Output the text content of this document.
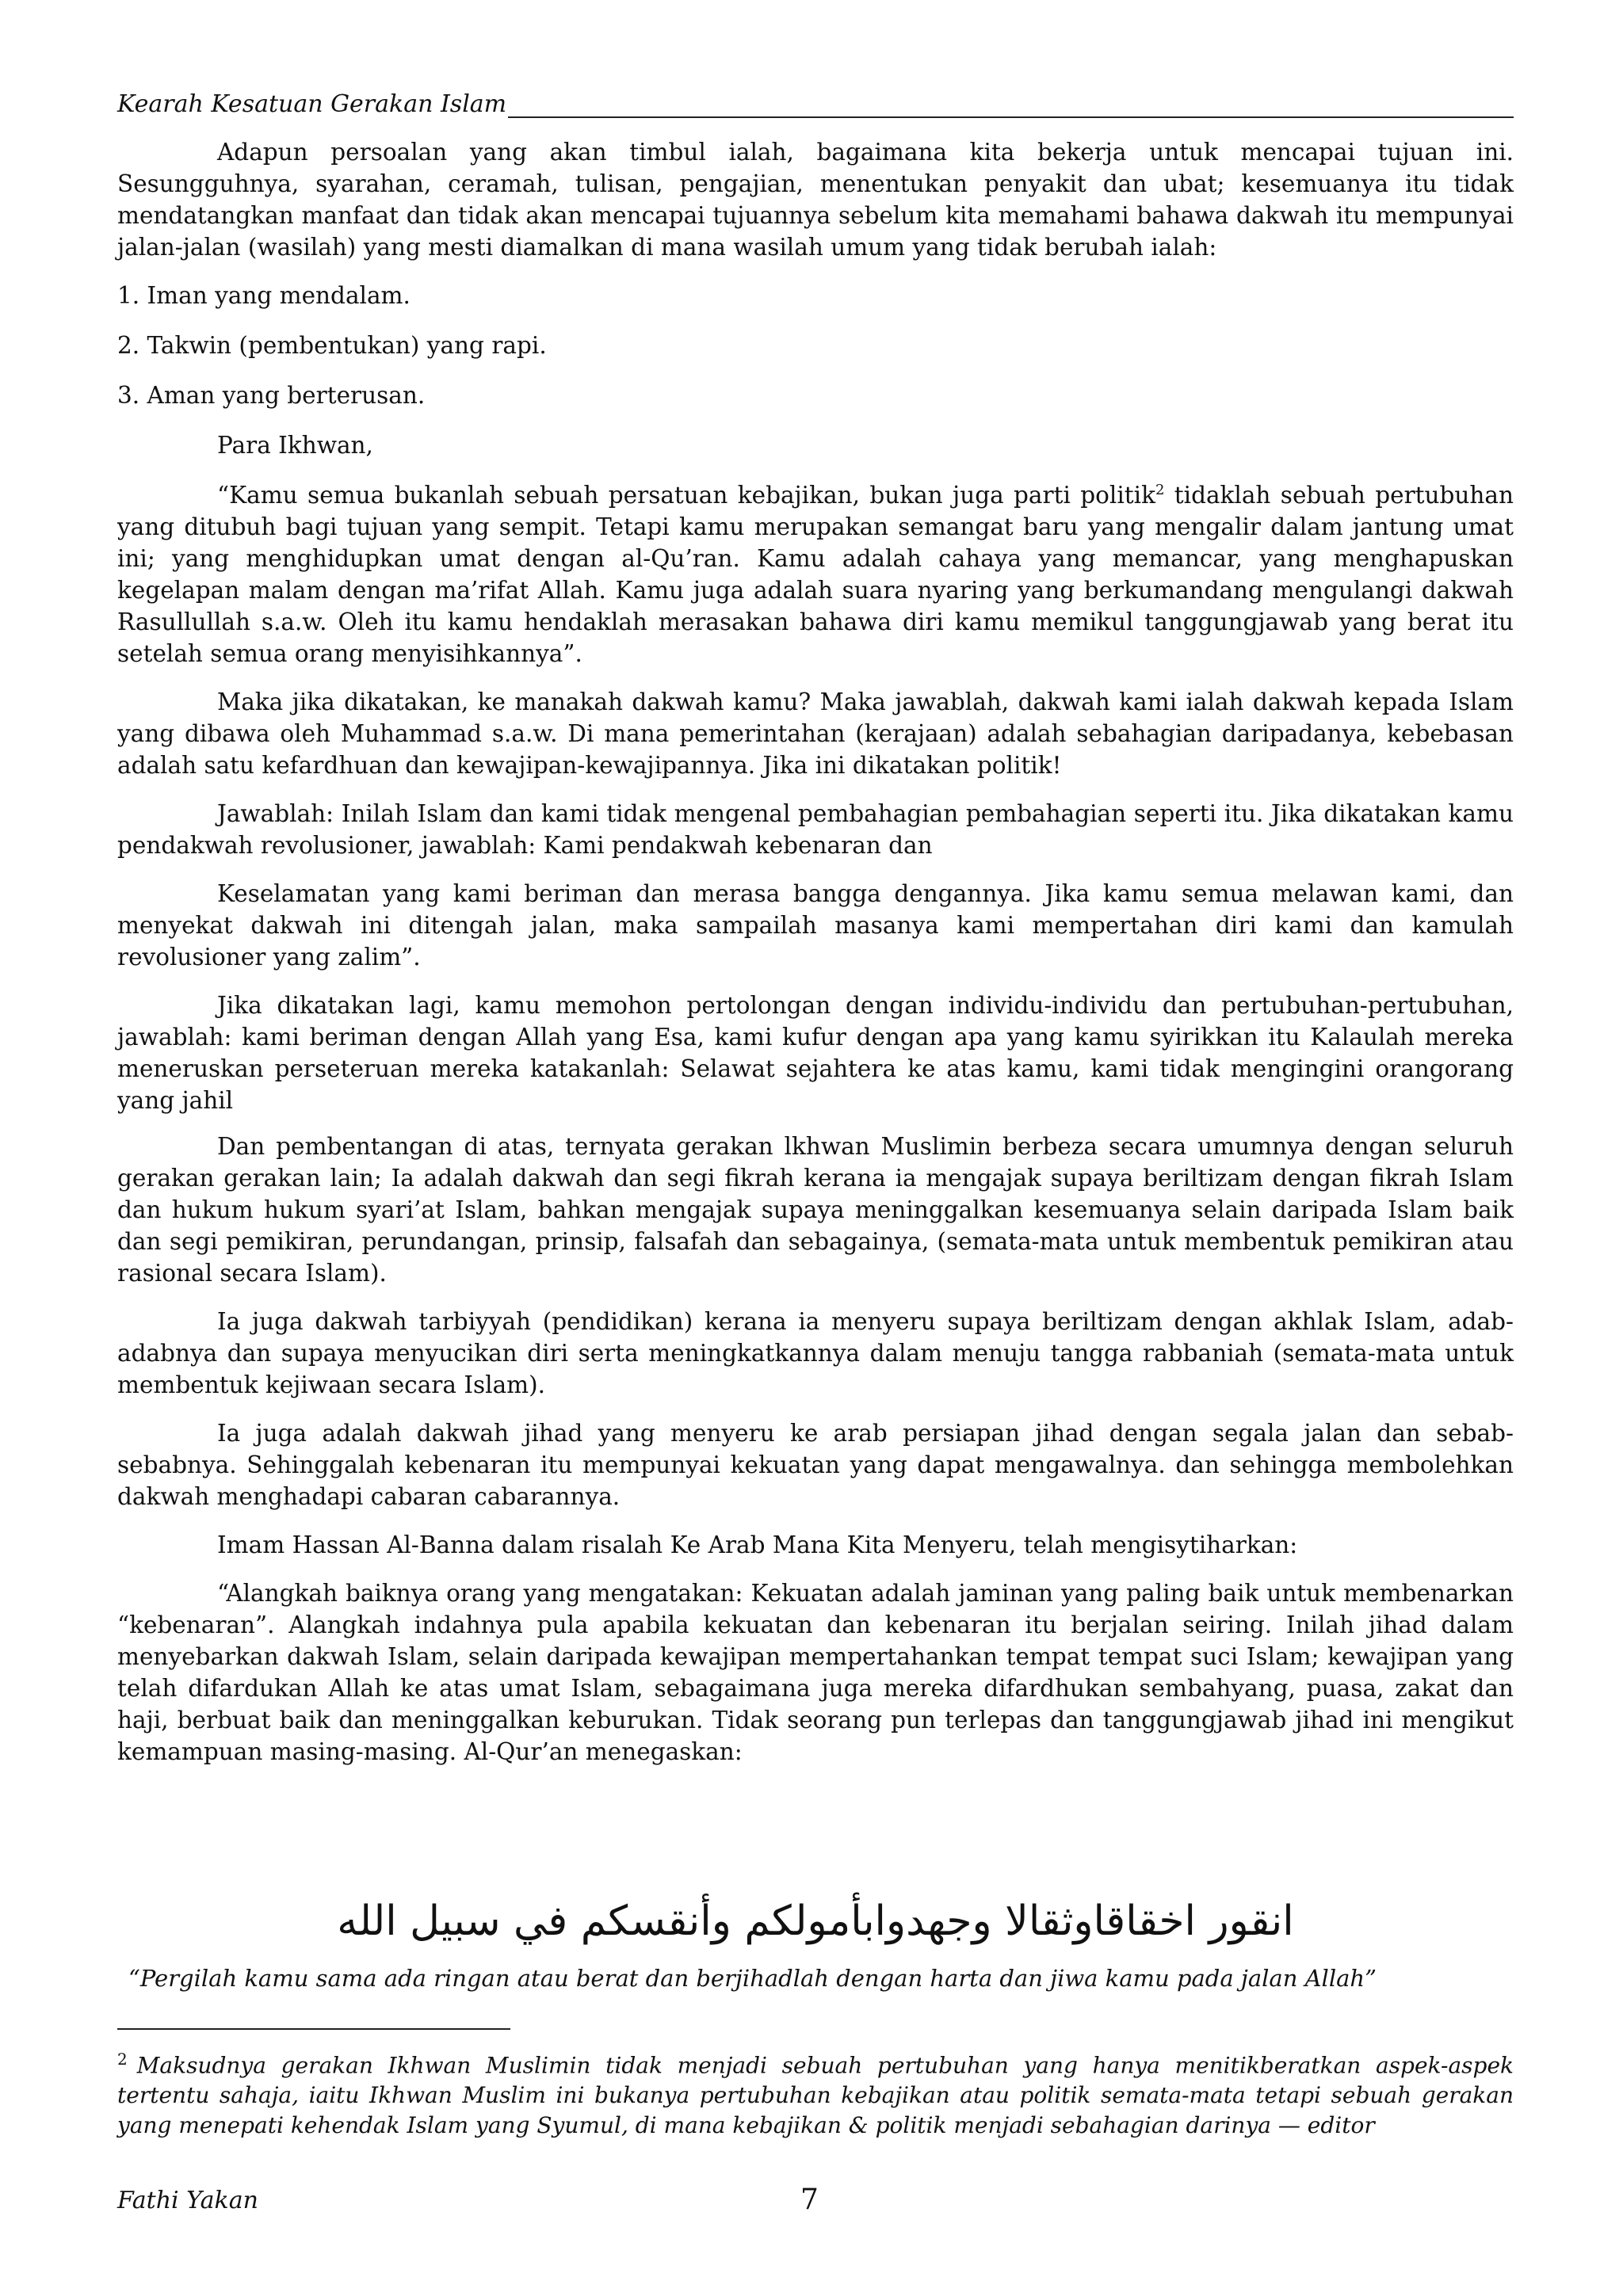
Kearah Kesatuan Gerakan Islam

Adapun persoalan yang akan timbul ialah, bagaimana kita bekerja untuk mencapai tujuan ini. Sesungguhnya, syarahan, ceramah, tulisan, pengajian, menentukan penyakit dan ubat; kesemuanya itu tidak mendatangkan manfaat dan tidak akan mencapai tujuannya sebelum kita memahami bahawa dakwah itu mempunyai jalan-jalan (wasilah) yang mesti diamalkan di mana wasilah umum yang tidak berubah ialah:

1. Iman yang mendalam.

2. Takwin (pembentukan) yang rapi.

3. Aman yang berterusan.

Para Ikhwan,

“Kamu semua bukanlah sebuah persatuan kebajikan, bukan juga parti politik$^2$ tidaklah sebuah pertubuhan yang ditubuh bagi tujuan yang sempit. Tetapi kamu merupakan semangat baru yang mengalir dalam jantung umat ini; yang menghidupkan umat dengan al-Qu’ran. Kamu adalah cahaya yang memancar, yang menghapuskan kegelapan malam dengan ma’rifat Allah. Kamu juga adalah suara nyaring yang berkumandang mengulangi dakwah Rasullullah s.a.w. Oleh itu kamu hendaklah merasakan bahawa diri kamu memikul tanggungjawab yang berat itu setelah semua orang menyisihkannya”.

Maka jika dikatakan, ke manakah dakwah kamu? Maka jawablah, dakwah kami ialah dakwah kepada Islam yang dibawa oleh Muhammad s.a.w. Di mana pemerintahan (kerajaan) adalah sebahagian daripadanya, kebebasan adalah satu kefardhuan dan kewajipan-kewajipannya. Jika ini dikatakan politik!

Jawablah: Inilah Islam dan kami tidak mengenal pembahagian pembahagian seperti itu. Jika dikatakan kamu pendakwah revolusioner, jawablah: Kami pendakwah kebenaran dan

Keselamatan yang kami beriman dan merasa bangga dengannya. Jika kamu semua melawan kami, dan menyekat dakwah ini ditengah jalan, maka sampailah masanya kami mempertahan diri kami dan kamulah revolusioner yang zalim”.

Jika dikatakan lagi, kamu memohon pertolongan dengan individu-individu dan pertubuhan-pertubuhan, jawablah: kami beriman dengan Allah yang Esa, kami kufur dengan apa yang kamu syirikkan itu Kalaulah mereka meneruskan perseteruan mereka katakanlah: Selawat sejahtera ke atas kamu, kami tidak menginginі orangorang yang jahil

Dan pembentangan di atas, ternyata gerakan lkhwan Muslimin berbeza secara umumnya dengan seluruh gerakan gerakan lain; Ia adalah dakwah dan segi fikrah kerana ia mengajak supaya beriltizam dengan fikrah Islam dan hukum hukum syari’at Islam, bahkan mengajak supaya meninggalkan kesemuanya selain daripada Islam baik dan segi pemikiran, perundangan, prinsip, falsafah dan sebagainya, (semata-mata untuk membentuk pemikiran atau rasional secara Islam).

Ia juga dakwah tarbiyyah (pendidikan) kerana ia menyeru supaya beriltizam dengan akhlak Islam, adab-adabnya dan supaya menyucikan diri serta meningkatkannya dalam menuju tangga rabbaniah (semata-mata untuk membentuk kejiwaan secara Islam).

Ia juga adalah dakwah jihad yang menyeru ke arab persiapan jihad dengan segala jalan dan sebab-sebabnya. Sehinggalah kebenaran itu mempunyai kekuatan yang dapat mengawalnya. dan sehingga membolehkan dakwah menghadapi cabaran cabarannya.

Imam Hassan Al-Banna dalam risalah Ke Arab Mana Kita Menyeru, telah mengisytiharkan:

“Alangkah baiknya orang yang mengatakan: Kekuatan adalah jaminan yang paling baik untuk membenarkan “kebenaran”. Alangkah indahnya pula apabila kekuatan dan kebenaran itu berjalan seiring. Inilah jihad dalam menyebarkan dakwah Islam, selain daripada kewajipan mempertahankan tempat tempat suci Islam; kewajipan yang telah difardukan Allah ke atas umat Islam, sebagaimana juga mereka difardhukan sembahyang, puasa, zakat dan haji, berbuat baik dan meninggalkan keburukan. Tidak seorang pun terlepas dan tanggungjawab jihad ini mengikut kemampuan masing-masing. Al-Qur’an menegaskan:

انقور اخقاقاوثقالا وجهدوابأمولكم وأنقسكم في سبيل الله
“Pergilah kamu sama ada ringan atau berat dan berjihadlah dengan harta dan jiwa kamu pada jalan Allah”
$^2$ Maksudnya gerakan Ikhwan Muslimin tidak menjadi sebuah pertubuhan yang hanya menitikberatkan aspek-aspek tertentu sahaja, iaitu Ikhwan Muslim ini bukanya pertubuhan kebajikan atau politik semata-mata tetapi sebuah gerakan yang menepati kehendak Islam yang Syumul, di mana kebajikan & politik menjadi sebahagian darinya — editor
Fathi Yakan	7
